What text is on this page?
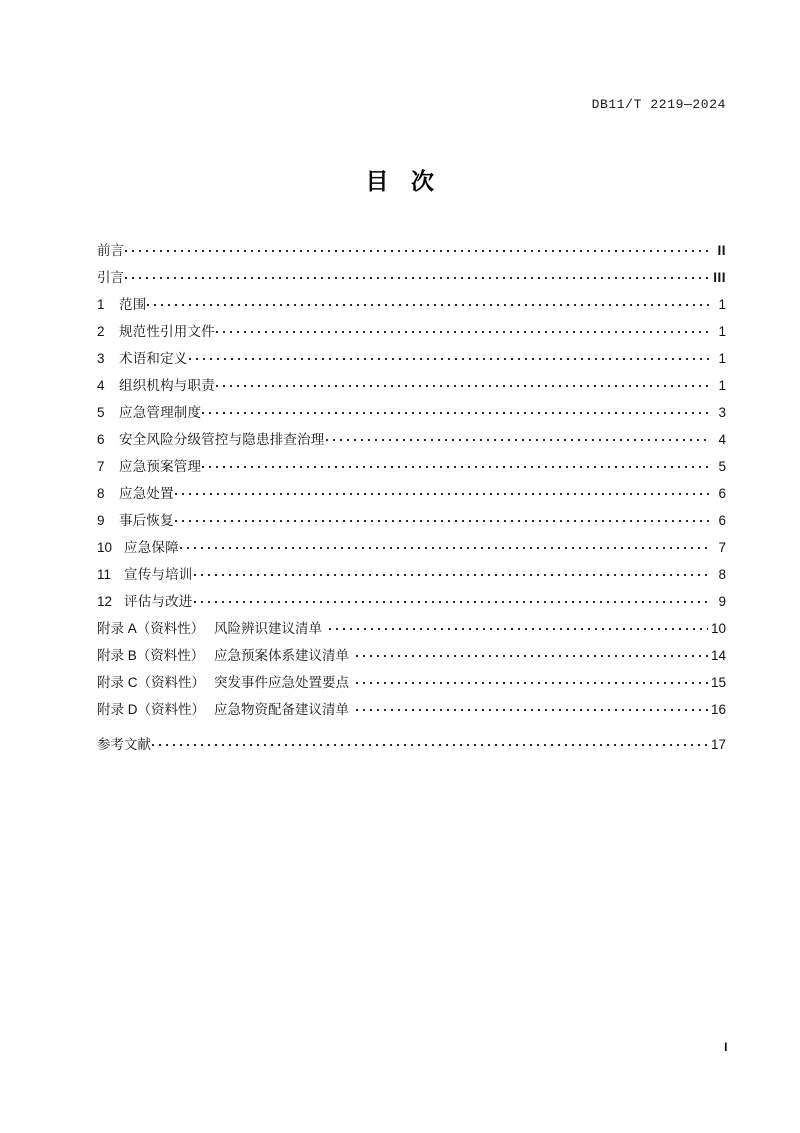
DB11/T 2219—2024
目 次
前言	II
引言	III
1	范围	1
2	规范性引用文件	1
3	术语和定义	1
4	组织机构与职责	1
5	应急管理制度	3
6	安全风险分级管控与隐患排查治理	4
7	应急预案管理	5
8	应急处置	6
9	事后恢复	6
10 应急保障	7
11 宣传与培训	8
12 评估与改进	9
附录 A（资料性） 风险辨识建议清单	10
附录 B（资料性） 应急预案体系建议清单	14
附录 C（资料性） 突发事件应急处置要点	15
附录 D（资料性） 应急物资配备建议清单	16
参考文献	17
I
